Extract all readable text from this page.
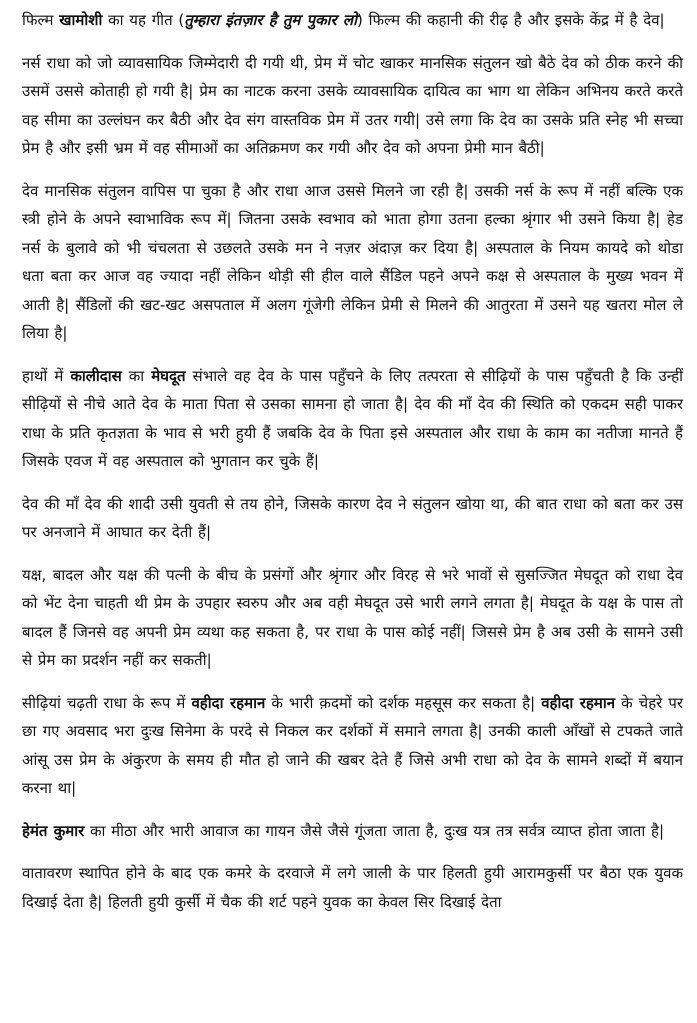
फिल्म खामोशी का यह गीत (तुम्हारा इंतज़ार है तुम पुकार लो) फिल्म की कहानी की रीढ़ है और इसके केंद्र में है देव|

नर्स राधा को जो व्यावसायिक जिम्मेदारी दी गयी थी, प्रेम में चोट खाकर मानसिक संतुलन खो बैठे देव को ठीक करने की उसमें उससे कोताही हो गयी है| प्रेम का नाटक करना उसके व्यावसायिक दायित्व का भाग था लेकिन अभिनय करते करते वह सीमा का उल्लंघन कर बैठी और देव संग वास्तविक प्रेम में उतर गयी| उसे लगा कि देव का उसके प्रति स्नेह भी सच्चा प्रेम है और इसी भ्रम में वह सीमाओं का अतिक्रमण कर गयी और देव को अपना प्रेमी मान बैठी|

देव मानसिक संतुलन वापिस पा चुका है और राधा आज उससे मिलने जा रही है| उसकी नर्स के रूप में नहीं बल्कि एक स्त्री होने के अपने स्वाभाविक रूप में| जितना उसके स्वभाव को भाता होगा उतना हल्का श्रृंगार भी उसने किया है| हेड नर्स के बुलावे को भी चंचलता से उछलते उसके मन ने नज़र अंदाज़ कर दिया है| अस्पताल के नियम कायदे को थोडा धता बता कर आज वह ज्यादा नहीं लेकिन थोड़ी सी हील वाले सैंडिल पहने अपने कक्ष से अस्पताल के मुख्य भवन में आती है| सैंडिलों की खट-खट असपताल में अलग गूंजेगी लेकिन प्रेमी से मिलने की आतुरता में उसने यह खतरा मोल ले लिया है|

हाथों में कालीदास का मेघदूत संभाले वह देव के पास पहुँचने के लिए तत्परता से सीढ़ियों के पास पहुँचती है कि उन्हीं सीढ़ियों से नीचे आते देव के माता पिता से उसका सामना हो जाता है| देव की माँ देव की स्थिति को एकदम सही पाकर राधा के प्रति कृतज्ञता के भाव से भरी हुयी हैं जबकि देव के पिता इसे अस्पताल और राधा के काम का नतीजा मानते हैं जिसके एवज में वह अस्पताल को भुगतान कर चुके हैं|

देव की माँ देव की शादी उसी युवती से तय होने, जिसके कारण देव ने संतुलन खोया था, की बात राधा को बता कर उस पर अनजाने में आघात कर देती हैं|

यक्ष, बादल और यक्ष की पत्नी के बीच के प्रसंगों और श्रृंगार और विरह से भरे भावों से सुसज्जित मेघदूत को राधा देव को भेंट देना चाहती थी प्रेम के उपहार स्वरुप और अब वही मेघदूत उसे भारी लगने लगता है| मेघदूत के यक्ष के पास तो बादल हैं जिनसे वह अपनी प्रेम व्यथा कह सकता है, पर राधा के पास कोई नहीं| जिससे प्रेम है अब उसी के सामने उसी से प्रेम का प्रदर्शन नहीं कर सकती|

सीढ़ियां चढ़ती राधा के रूप में वहीदा रहमान के भारी क़दमों को दर्शक महसूस कर सकता है| वहीदा रहमान के चेहरे पर छा गए अवसाद भरा दुःख सिनेमा के परदे से निकल कर दर्शकों में समाने लगता है| उनकी काली आँखों से टपकते जाते आंसू उस प्रेम के अंकुरण के समय ही मौत हो जाने की खबर देते हैं जिसे अभी राधा को देव के सामने शब्दों में बयान करना था|

हेमंत कुमार का मीठा और भारी आवाज का गायन जैसे जैसे गूंजता जाता है, दुःख यत्र तत्र सर्वत्र व्याप्त होता जाता है|

वातावरण स्थापित होने के बाद एक कमरे के दरवाजे में लगे जाली के पार हिलती हुयी आरामकुर्सी पर बैठा एक युवक दिखाई देता है| हिलती हुयी कुर्सी में चैक की शर्ट पहने युवक का केवल सिर दिखाई देता
